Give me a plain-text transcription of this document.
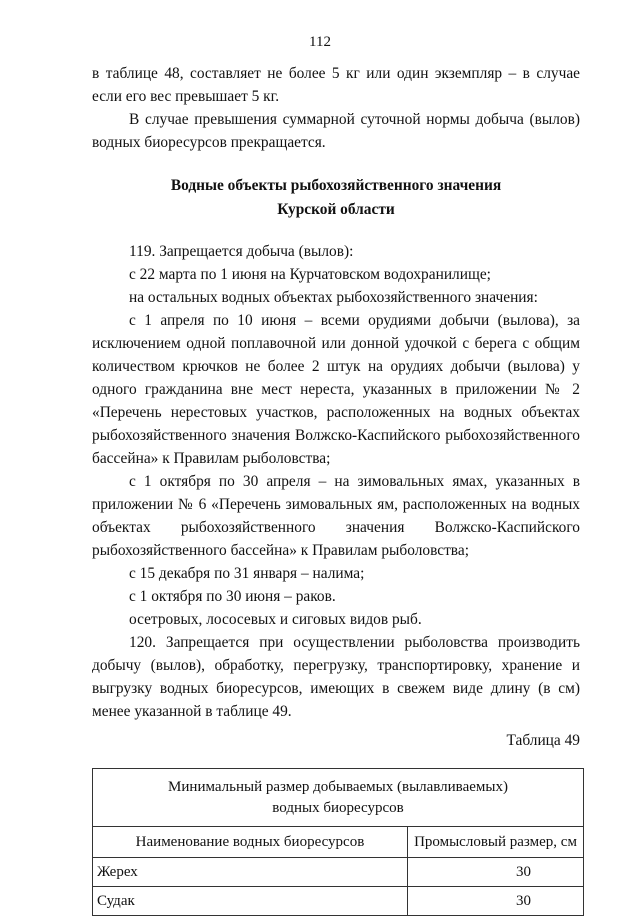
112

в таблице 48, составляет не более 5 кг или один экземпляр – в случае если его вес превышает 5 кг.

В случае превышения суммарной суточной нормы добыча (вылов) водных биоресурсов прекращается.

Водные объекты рыбохозяйственного значения
Курской области

119. Запрещается добыча (вылов):

с 22 марта по 1 июня на Курчатовском водохранилище;

на остальных водных объектах рыбохозяйственного значения:

с 1 апреля по 10 июня – всеми орудиями добычи (вылова), за исключением одной поплавочной или донной удочкой с берега с общим количеством крючков не более 2 штук на орудиях добычи (вылова) у одного гражданина вне мест нереста, указанных в приложении № 2 «Перечень нерестовых участков, расположенных на водных объектах рыбохозяйственного значения Волжско-Каспийского рыбохозяйственного бассейна» к Правилам рыболовства;

с 1 октября по 30 апреля – на зимовальных ямах, указанных в приложении № 6 «Перечень зимовальных ям, расположенных на водных объектах рыбохозяйственного значения Волжско-Каспийского рыбохозяйственного бассейна» к Правилам рыболовства;

с 15 декабря по 31 января – налима;

с 1 октября по 30 июня – раков.

осетровых, лососевых и сиговых видов рыб.

120. Запрещается при осуществлении рыболовства производить добычу (вылов), обработку, перегрузку, транспортировку, хранение и выгрузку водных биоресурсов, имеющих в свежем виде длину (в см) менее указанной в таблице 49.

Таблица 49
Минимальный размер добываемых (вылавливаемых)
водных биоресурсов	

Наименование водных биоресурсов	Промысловый размер, см
Жерех	30
Судак	30
